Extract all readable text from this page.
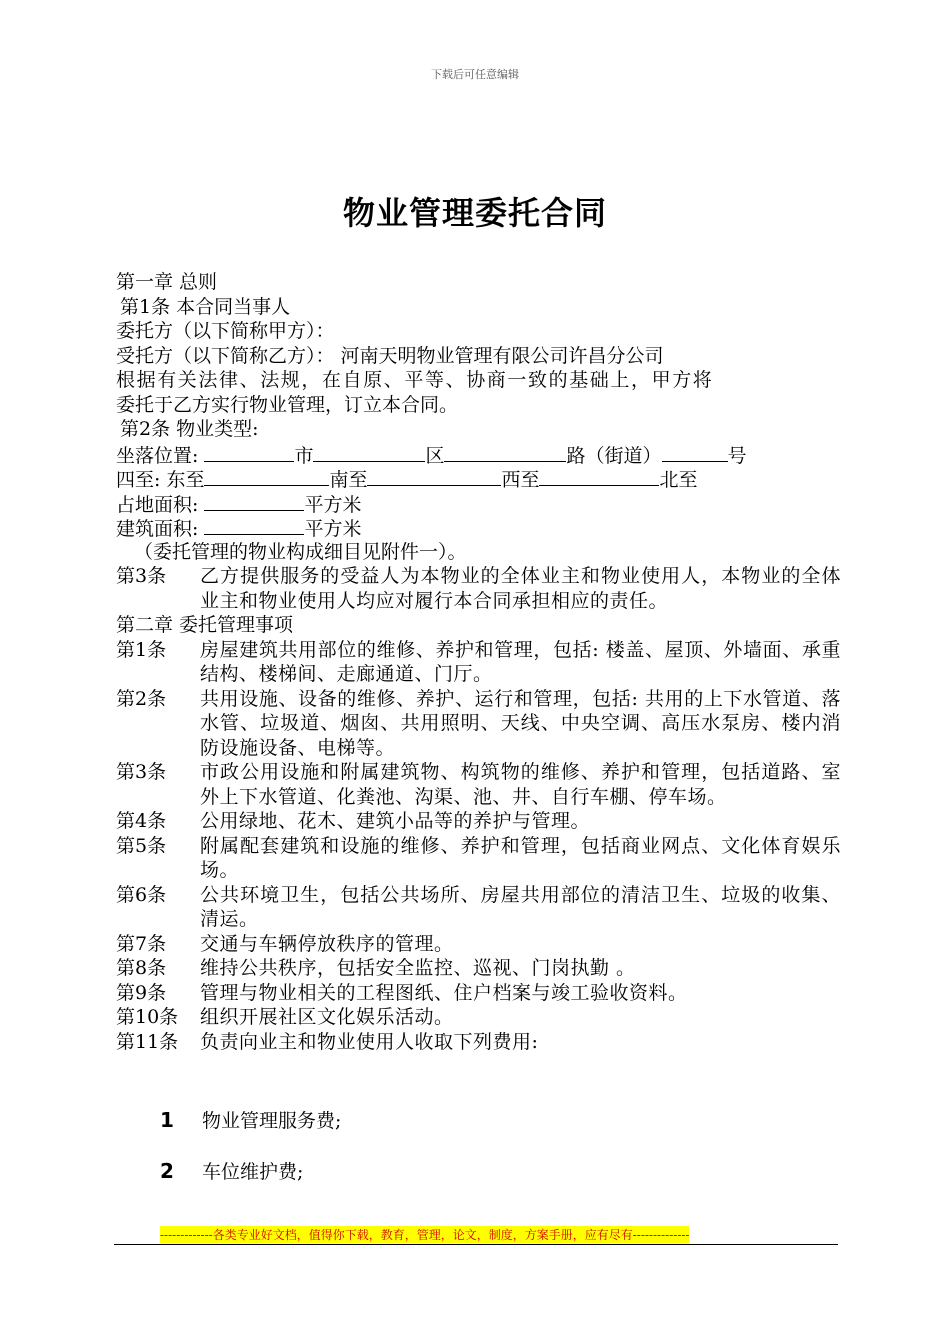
下载后可任意编辑
物业管理委托合同
第一章 总则
第1条 本合同当事人
委托方（以下简称甲方）：
受托方（以下简称乙方）： 河南天明物业管理有限公司许昌分公司
根据有关法律、法规，在自原、平等、协商一致的基础上，甲方将
委托于乙方实行物业管理，订立本合同。
第2条 物业类型:
坐落位置:	市	区	路（街道）	号
四至: 东至	南至	西至	北至
占地面积:	平方米
建筑面积:	平方米
（委托管理的物业构成细目见附件一）。
第3条	乙方提供服务的受益人为本物业的全体业主和物业使用人，本物业的全体业主和物业使用人均应对履行本合同承担相应的责任。
第二章 委托管理事项
第1条	房屋建筑共用部位的维修、养护和管理，包括: 楼盖、屋顶、外墙面、承重结构、楼梯间、走廊通道、门厅。
第2条	共用设施、设备的维修、养护、运行和管理，包括: 共用的上下水管道、落水管、垃圾道、烟囱、共用照明、天线、中央空调、高压水泵房、楼内消防设施设备、电梯等。
第3条	市政公用设施和附属建筑物、构筑物的维修、养护和管理，包括道路、室外上下水管道、化粪池、沟渠、池、井、自行车棚、停车场。
第4条	公用绿地、花木、建筑小品等的养护与管理。
第5条	附属配套建筑和设施的维修、养护和管理，包括商业网点、文化体育娱乐场。
第6条	公共环境卫生，包括公共场所、房屋共用部位的清洁卫生、垃圾的收集、清运。
第7条	交通与车辆停放秩序的管理。
第8条	维持公共秩序，包括安全监控、巡视、门岗执勤 。
第9条	管理与物业相关的工程图纸、住户档案与竣工验收资料。
第10条	组织开展社区文化娱乐活动。
第11条	负责向业主和物业使用人收取下列费用:
1 物业管理服务费;
2 车位维护费;
-------------各类专业好文档，值得你下载，教育，管理，论文，制度，方案手册，应有尽有--------------
